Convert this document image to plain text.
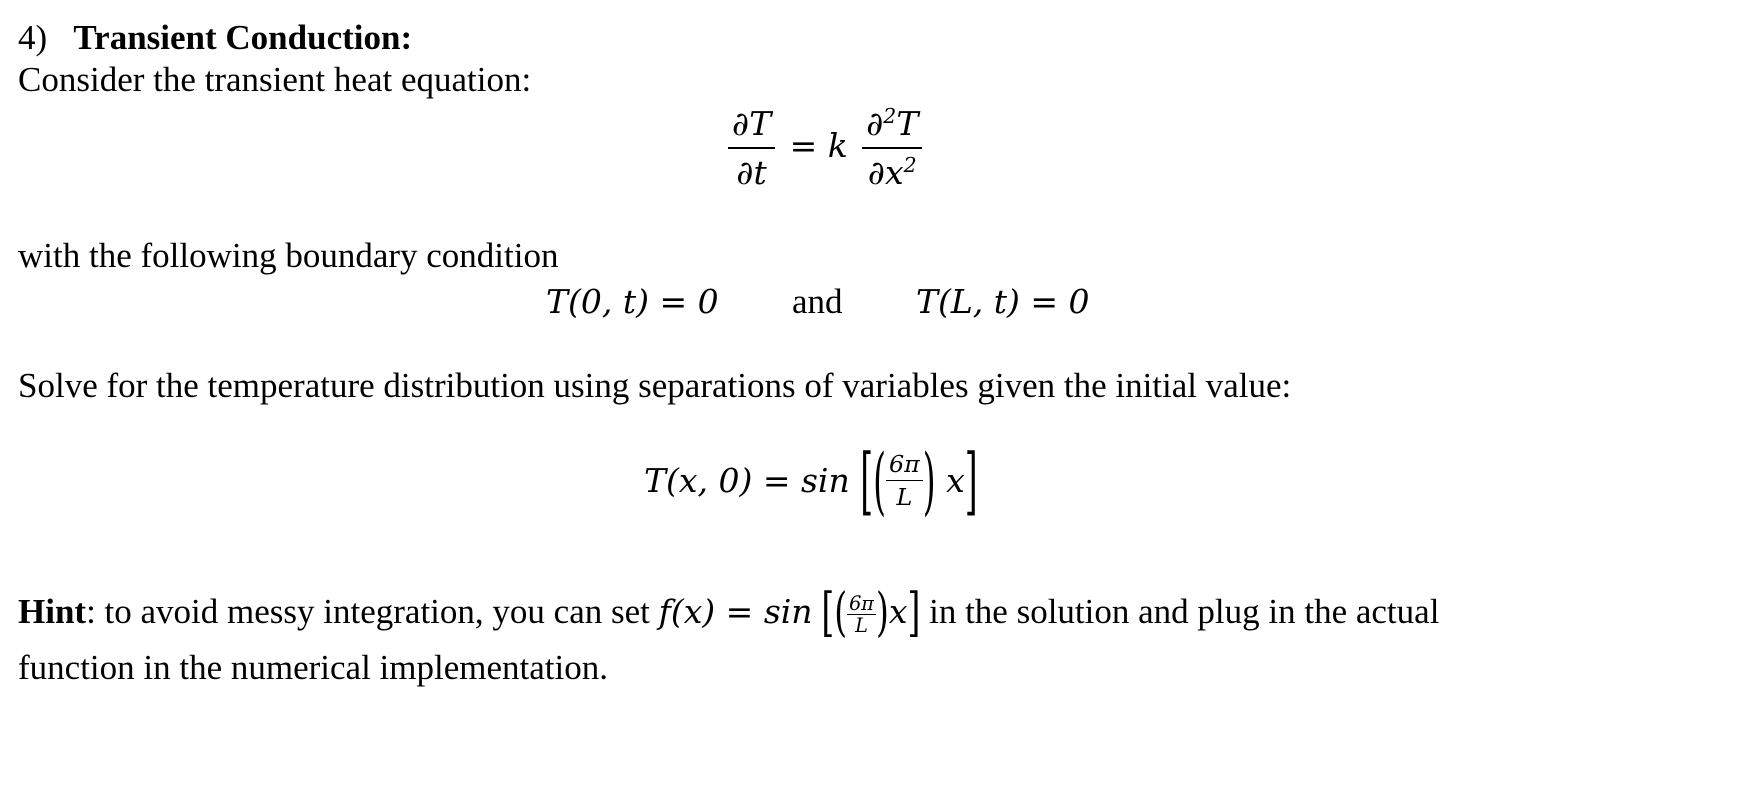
4) Transient Conduction:
Consider the transient heat equation:
$\frac{\partial T}{\partial t} = k \frac{\partial^2T}{\partial x^2}$
with the following boundary condition
T(0, t) = 0 and T(L, t) = 0
Solve for the temperature distribution using separations of variables given the initial value:
T(x, 0) = sin [( $\frac{6\pi}{L}$ ) x]
Hint: to avoid messy integration, you can set f(x) = sin [( $\frac{6\pi}{L} )x$] in the solution and plug in the actual
function in the numerical implementation.
